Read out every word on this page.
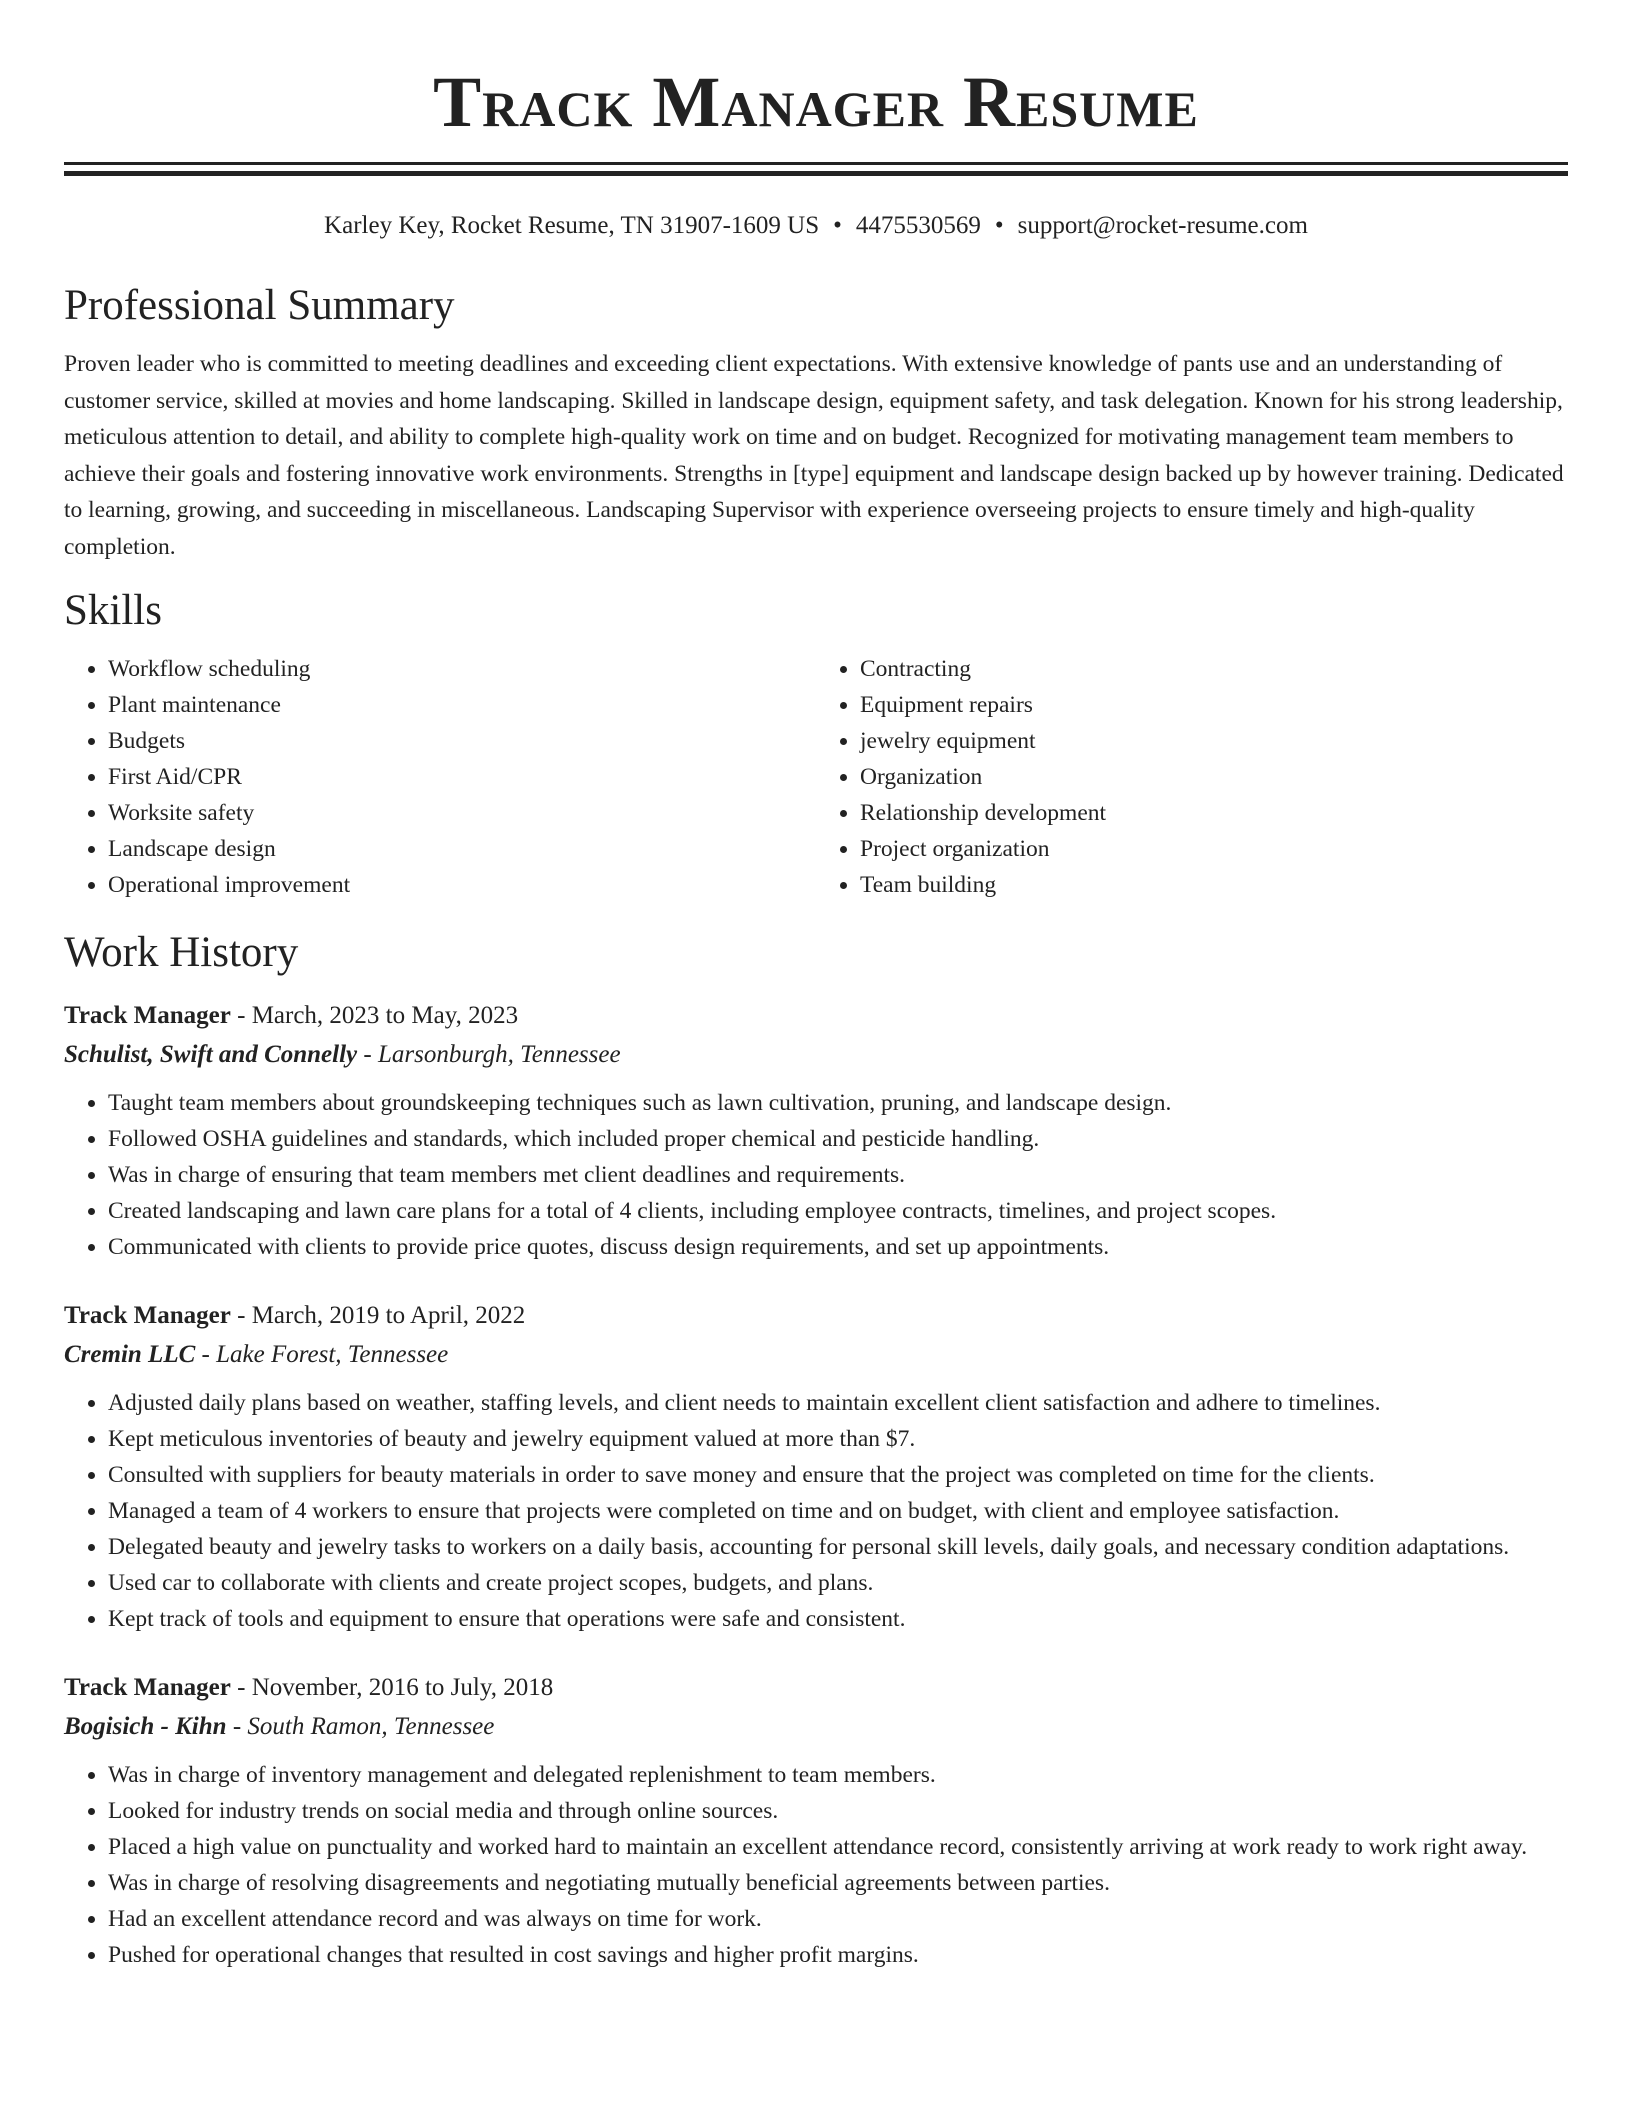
Track Manager Resume
Karley Key, Rocket Resume, TN 31907-1609 US • 4475530569 • support@rocket-resume.com
Professional Summary

Proven leader who is committed to meeting deadlines and exceeding client expectations. With extensive knowledge of pants use and an understanding of customer service, skilled at movies and home landscaping. Skilled in landscape design, equipment safety, and task delegation. Known for his strong leadership, meticulous attention to detail, and ability to complete high-quality work on time and on budget. Recognized for motivating management team members to achieve their goals and fostering innovative work environments. Strengths in [type] equipment and landscape design backed up by however training. Dedicated to learning, growing, and succeeding in miscellaneous. Landscaping Supervisor with experience overseeing projects to ensure timely and high-quality completion.

Skills
• Workflow scheduling
• Plant maintenance
• Budgets
• First Aid/CPR
• Worksite safety
• Landscape design
• Operational improvement
• Contracting
• Equipment repairs
• jewelry equipment
• Organization
• Relationship development
• Project organization
• Team building
Work History
Track Manager - March, 2023 to May, 2023
Schulist, Swift and Connelly - Larsonburgh, Tennessee
• Taught team members about groundskeeping techniques such as lawn cultivation, pruning, and landscape design.
• Followed OSHA guidelines and standards, which included proper chemical and pesticide handling.
• Was in charge of ensuring that team members met client deadlines and requirements.
• Created landscaping and lawn care plans for a total of 4 clients, including employee contracts, timelines, and project scopes.
• Communicated with clients to provide price quotes, discuss design requirements, and set up appointments.
Track Manager - March, 2019 to April, 2022
Cremin LLC - Lake Forest, Tennessee
• Adjusted daily plans based on weather, staffing levels, and client needs to maintain excellent client satisfaction and adhere to timelines.
• Kept meticulous inventories of beauty and jewelry equipment valued at more than $7.
• Consulted with suppliers for beauty materials in order to save money and ensure that the project was completed on time for the clients.
• Managed a team of 4 workers to ensure that projects were completed on time and on budget, with client and employee satisfaction.
• Delegated beauty and jewelry tasks to workers on a daily basis, accounting for personal skill levels, daily goals, and necessary condition adaptations.
• Used car to collaborate with clients and create project scopes, budgets, and plans.
• Kept track of tools and equipment to ensure that operations were safe and consistent.
Track Manager - November, 2016 to July, 2018
Bogisich - Kihn - South Ramon, Tennessee
• Was in charge of inventory management and delegated replenishment to team members.
• Looked for industry trends on social media and through online sources.
• Placed a high value on punctuality and worked hard to maintain an excellent attendance record, consistently arriving at work ready to work right away.
• Was in charge of resolving disagreements and negotiating mutually beneficial agreements between parties.
• Had an excellent attendance record and was always on time for work.
• Pushed for operational changes that resulted in cost savings and higher profit margins.
